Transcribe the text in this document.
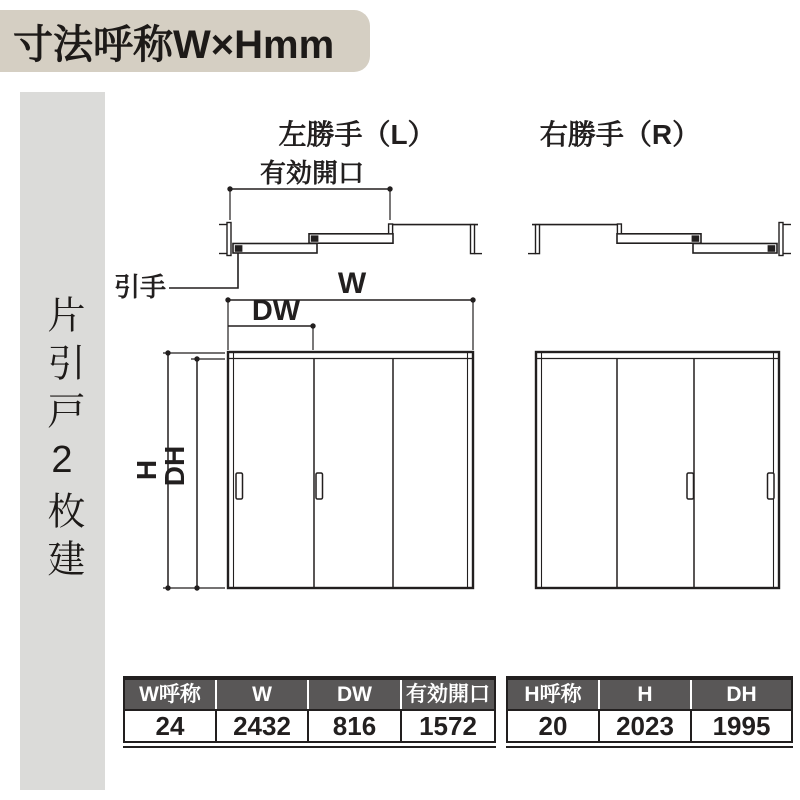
寸法呼称W×Hmm
片引戸2枚建
左勝手（L）	右勝手（R）
有効開口
引手	W
DW
H
DH
W呼称	W	DW	有効開口
24	2432	816	1572
H呼称	H	DH
20	2023	1995
